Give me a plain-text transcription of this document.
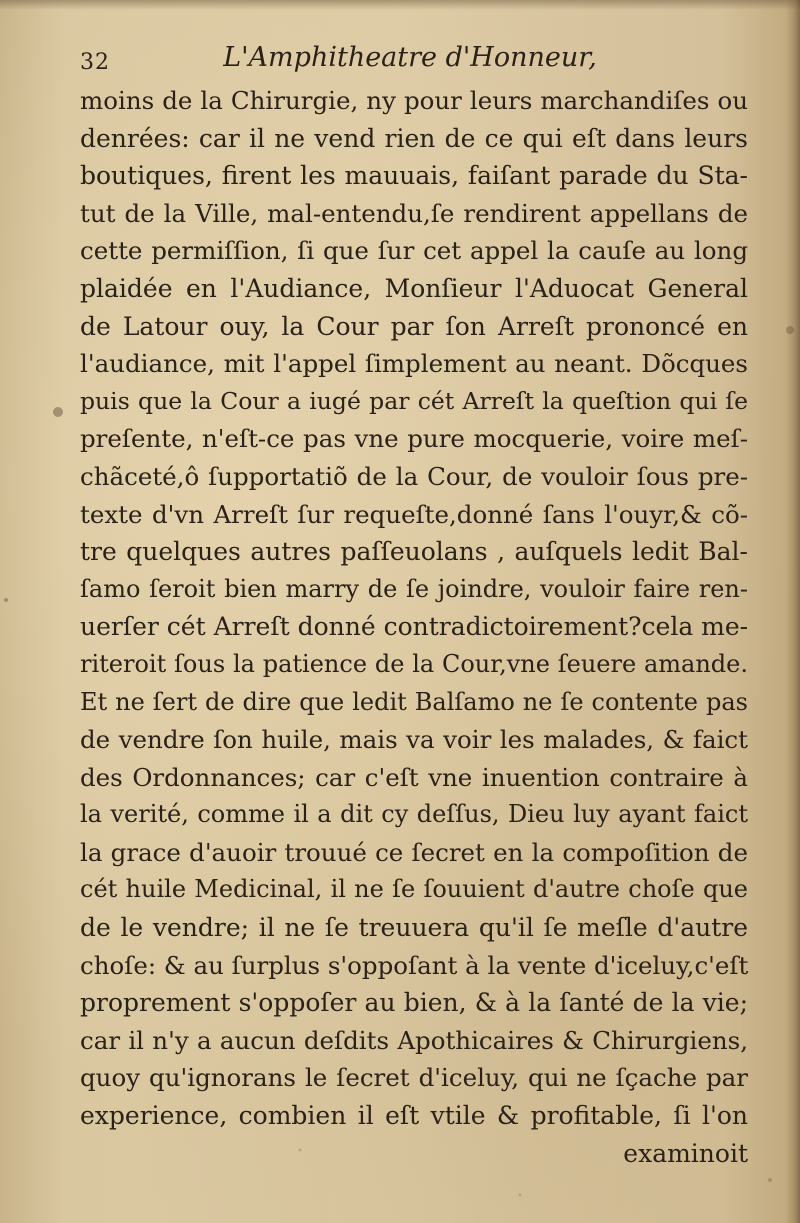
32	L'Amphitheatre d'Honneur,
moins de la Chirurgie, ny pour leurs marchandiſes ou
denrées: car il ne vend rien de ce qui eſt dans leurs
boutiques, firent les mauuais, faiſant parade du Sta-
tut de la Ville, mal-entendu,ſe rendirent appellans de
cette permiſſion, ſi que ſur cet appel la cauſe au long
plaidée en l'Audiance, Monſieur l'Aduocat General
de Latour ouy, la Cour par ſon Arreſt prononcé en
l'audiance, mit l'appel ſimplement au neant. Dõcques
puis que la Cour a iugé par cét Arreſt la queſtion qui ſe
preſente, n'eſt-ce pas vne pure mocquerie, voire meſ-
chãceté,ô ſupportatiõ de la Cour, de vouloir ſous pre-
texte d'vn Arreſt ſur requeſte,donné ſans l'ouyr,& cõ-
tre quelques autres paſſeuolans , auſquels ledit Bal-
ſamo ſeroit bien marry de ſe joindre, vouloir faire ren-
uerſer cét Arreſt donné contradictoirement?cela me-
riteroit ſous la patience de la Cour,vne ſeuere amande.
Et ne ſert de dire que ledit Balſamo ne ſe contente pas
de vendre ſon huile, mais va voir les malades, & faict
des Ordonnances; car c'eſt vne inuention contraire à
la verité, comme il a dit cy deſſus, Dieu luy ayant faict
la grace d'auoir trouué ce ſecret en la compoſition de
cét huile Medicinal, il ne ſe ſouuient d'autre choſe que
de le vendre; il ne ſe treuuera qu'il ſe meſle d'autre
choſe: & au ſurplus s'oppoſant à la vente d'iceluy,c'eſt
proprement s'oppoſer au bien, & à la ſanté de la vie;
car il n'y a aucun deſdits Apothicaires & Chirurgiens,
quoy qu'ignorans le ſecret d'iceluy, qui ne ſçache par
experience, combien il eſt vtile & profitable, ſi l'on
examinoit
